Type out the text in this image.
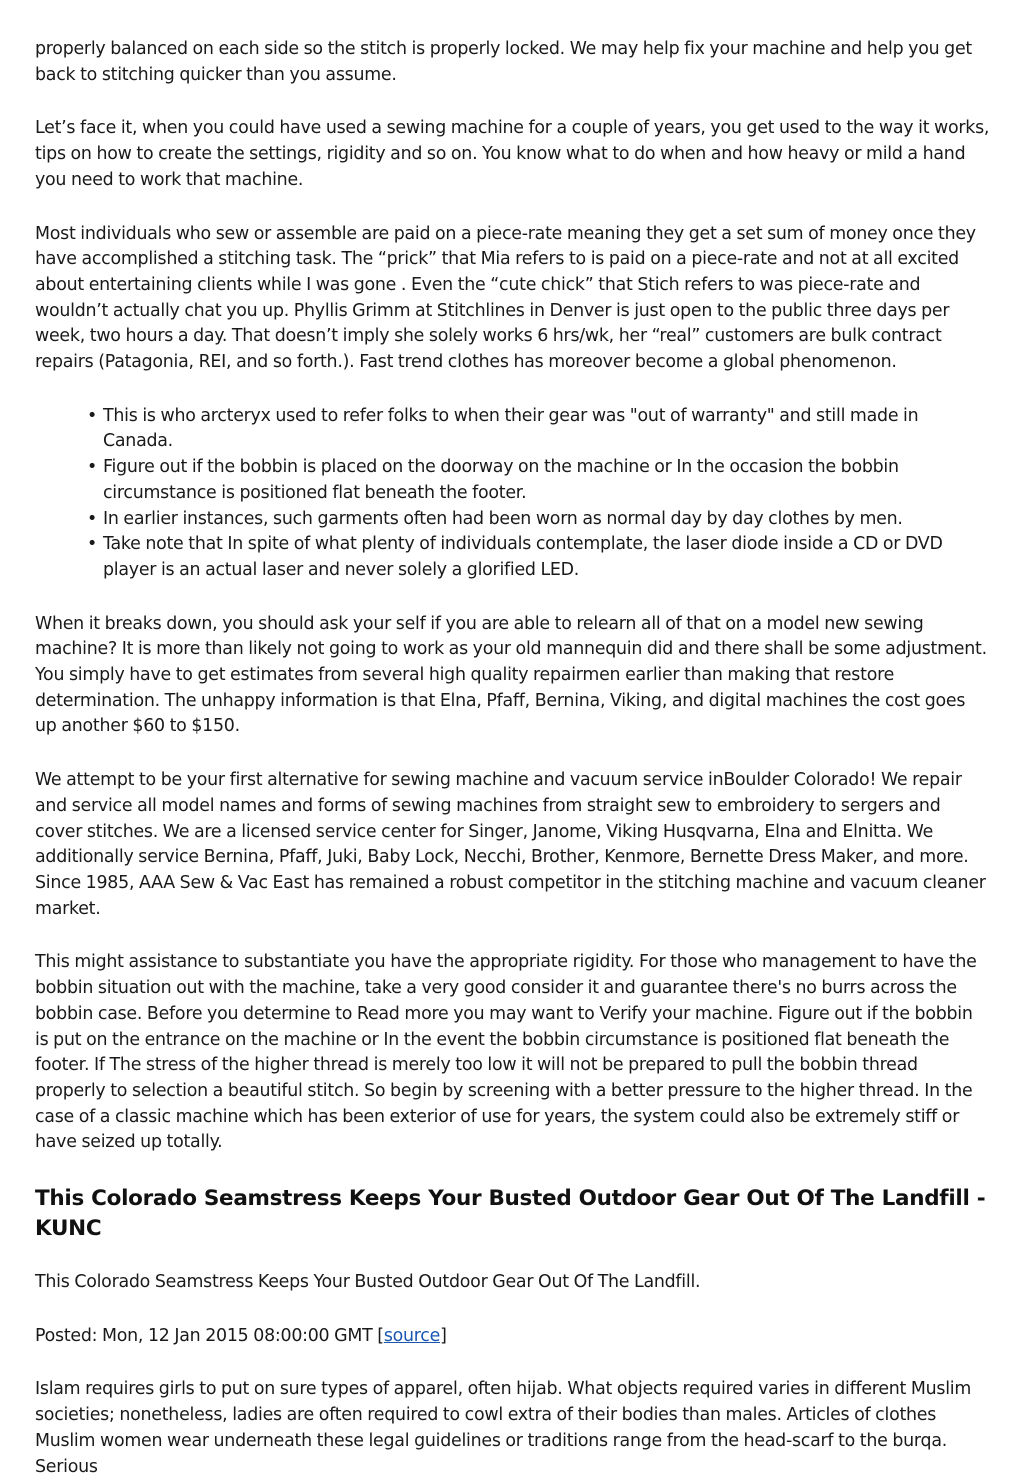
properly balanced on each side so the stitch is properly locked. We may help fix your machine and help you get back to stitching quicker than you assume.

Let’s face it, when you could have used a sewing machine for a couple of years, you get used to the way it works, tips on how to create the settings, rigidity and so on. You know what to do when and how heavy or mild a hand you need to work that machine.

Most individuals who sew or assemble are paid on a piece-rate meaning they get a set sum of money once they have accomplished a stitching task. The “prick” that Mia refers to is paid on a piece-rate and not at all excited about entertaining clients while I was gone . Even the “cute chick” that Stich refers to was piece-rate and wouldn’t actually chat you up. Phyllis Grimm at Stitchlines in Denver is just open to the public three days per week, two hours a day. That doesn’t imply she solely works 6 hrs/wk, her “real” customers are bulk contract repairs (Patagonia, REI, and so forth.). Fast trend clothes has moreover become a global phenomenon.

• This is who arcteryx used to refer folks to when their gear was "out of warranty" and still made in Canada.
• Figure out if the bobbin is placed on the doorway on the machine or In the occasion the bobbin circumstance is positioned flat beneath the footer.
• In earlier instances, such garments often had been worn as normal day by day clothes by men.
• Take note that In spite of what plenty of individuals contemplate, the laser diode inside a CD or DVD player is an actual laser and never solely a glorified LED.

When it breaks down, you should ask your self if you are able to relearn all of that on a model new sewing machine? It is more than likely not going to work as your old mannequin did and there shall be some adjustment. You simply have to get estimates from several high quality repairmen earlier than making that restore determination. The unhappy information is that Elna, Pfaff, Bernina, Viking, and digital machines the cost goes up another $60 to $150.

We attempt to be your first alternative for sewing machine and vacuum service inBoulder Colorado! We repair and service all model names and forms of sewing machines from straight sew to embroidery to sergers and cover stitches. We are a licensed service center for Singer, Janome, Viking Husqvarna, Elna and Elnitta. We additionally service Bernina, Pfaff, Juki, Baby Lock, Necchi, Brother, Kenmore, Bernette Dress Maker, and more. Since 1985, AAA Sew & Vac East has remained a robust competitor in the stitching machine and vacuum cleaner market.

This might assistance to substantiate you have the appropriate rigidity. For those who management to have the bobbin situation out with the machine, take a very good consider it and guarantee there's no burrs across the bobbin case. Before you determine to Read more you may want to Verify your machine. Figure out if the bobbin is put on the entrance on the machine or In the event the bobbin circumstance is positioned flat beneath the footer. If The stress of the higher thread is merely too low it will not be prepared to pull the bobbin thread properly to selection a beautiful stitch. So begin by screening with a better pressure to the higher thread. In the case of a classic machine which has been exterior of use for years, the system could also be extremely stiff or have seized up totally.

This Colorado Seamstress Keeps Your Busted Outdoor Gear Out Of The Landfill - KUNC

This Colorado Seamstress Keeps Your Busted Outdoor Gear Out Of The Landfill.

Posted: Mon, 12 Jan 2015 08:00:00 GMT [source]

Islam requires girls to put on sure types of apparel, often hijab. What objects required varies in different Muslim societies; nonetheless, ladies are often required to cowl extra of their bodies than males. Articles of clothes Muslim women wear underneath these legal guidelines or traditions range from the head-scarf to the burqa. Serious
